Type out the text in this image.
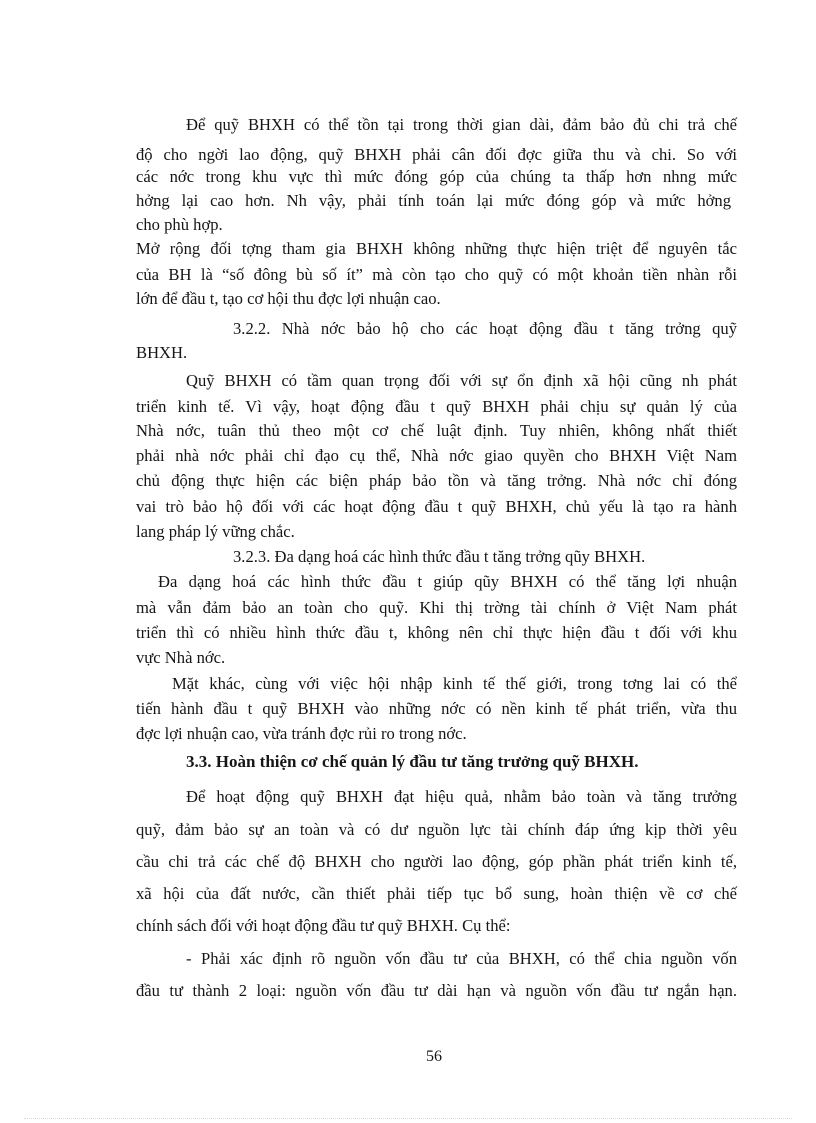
Để quỹ BHXH có thể tồn tại trong thời gian dài, đảm bảo đủ chi trả chế

độ cho ngời lao động, quỹ BHXH phải cân đối đợc giữa thu và chi. So với

các nớc trong khu vực thì mức đóng góp của chúng ta thấp hơn nhng mức

hởng lại cao hơn. Nh vậy, phải tính toán lại mức đóng góp và mức hởng

cho phù hợp.

Mở rộng đối tợng tham gia BHXH không những thực hiện triệt để nguyên tắc

của BH là “số đông bù số ít” mà còn tạo cho quỹ có một khoản tiền nhàn rỗi

lớn để đầu t, tạo cơ hội thu đợc lợi nhuận cao.

3.2.2. Nhà nớc bảo hộ cho các hoạt động đầu t tăng trởng quỹ

BHXH.

Quỹ BHXH có tầm quan trọng đối với sự ổn định xã hội cũng nh phát

triển kinh tế. Vì vậy, hoạt động đầu t quỹ BHXH phải chịu sự quản lý của

Nhà nớc, tuân thủ theo một cơ chế luật định. Tuy nhiên, không nhất thiết

phải nhà nớc phải chỉ đạo cụ thể, Nhà nớc giao quyền cho BHXH Việt Nam

chủ động thực hiện các biện pháp bảo tồn và tăng trởng. Nhà nớc chỉ đóng

vai trò bảo hộ đối với các hoạt động đầu t quỹ BHXH, chủ yếu là tạo ra hành

lang pháp lý vững chắc.

3.2.3. Đa dạng hoá các hình thức đầu t tăng trởng qũy BHXH.

Đa dạng hoá các hình thức đầu t giúp qũy BHXH có thể tăng lợi nhuận

mà vẫn đảm bảo an toàn cho quỹ. Khi thị trờng tài chính ở Việt Nam phát

triển thì có nhiều hình thức đầu t, không nên chỉ thực hiện đầu t đối với khu

vực Nhà nớc.

Mặt khác, cùng với việc hội nhập kinh tế thế giới, trong tơng lai có thể

tiến hành đầu t quỹ BHXH vào những nớc có nền kinh tế phát triển, vừa thu

đợc lợi nhuận cao, vừa tránh đợc rủi ro trong nớc.

3.3. Hoàn thiện cơ chế quản lý đầu tư tăng trưởng quỹ BHXH.

Để hoạt động quỹ BHXH đạt hiệu quả, nhằm bảo toàn và tăng trưởng

quỹ, đảm bảo sự an toàn và có dư nguồn lực tài chính đáp ứng kịp thời yêu

cầu chi trả các chế độ BHXH cho người lao động, góp phần phát triển kinh tế,

xã hội của đất nước, cần thiết phải tiếp tục bổ sung, hoàn thiện về cơ chế

chính sách đối với hoạt động đầu tư quỹ BHXH. Cụ thể:

- Phải xác định rõ nguồn vốn đầu tư của BHXH, có thể chia nguồn vốn

đầu tư thành 2 loại: nguồn vốn đầu tư dài hạn và nguồn vốn đầu tư ngắn hạn.

56
